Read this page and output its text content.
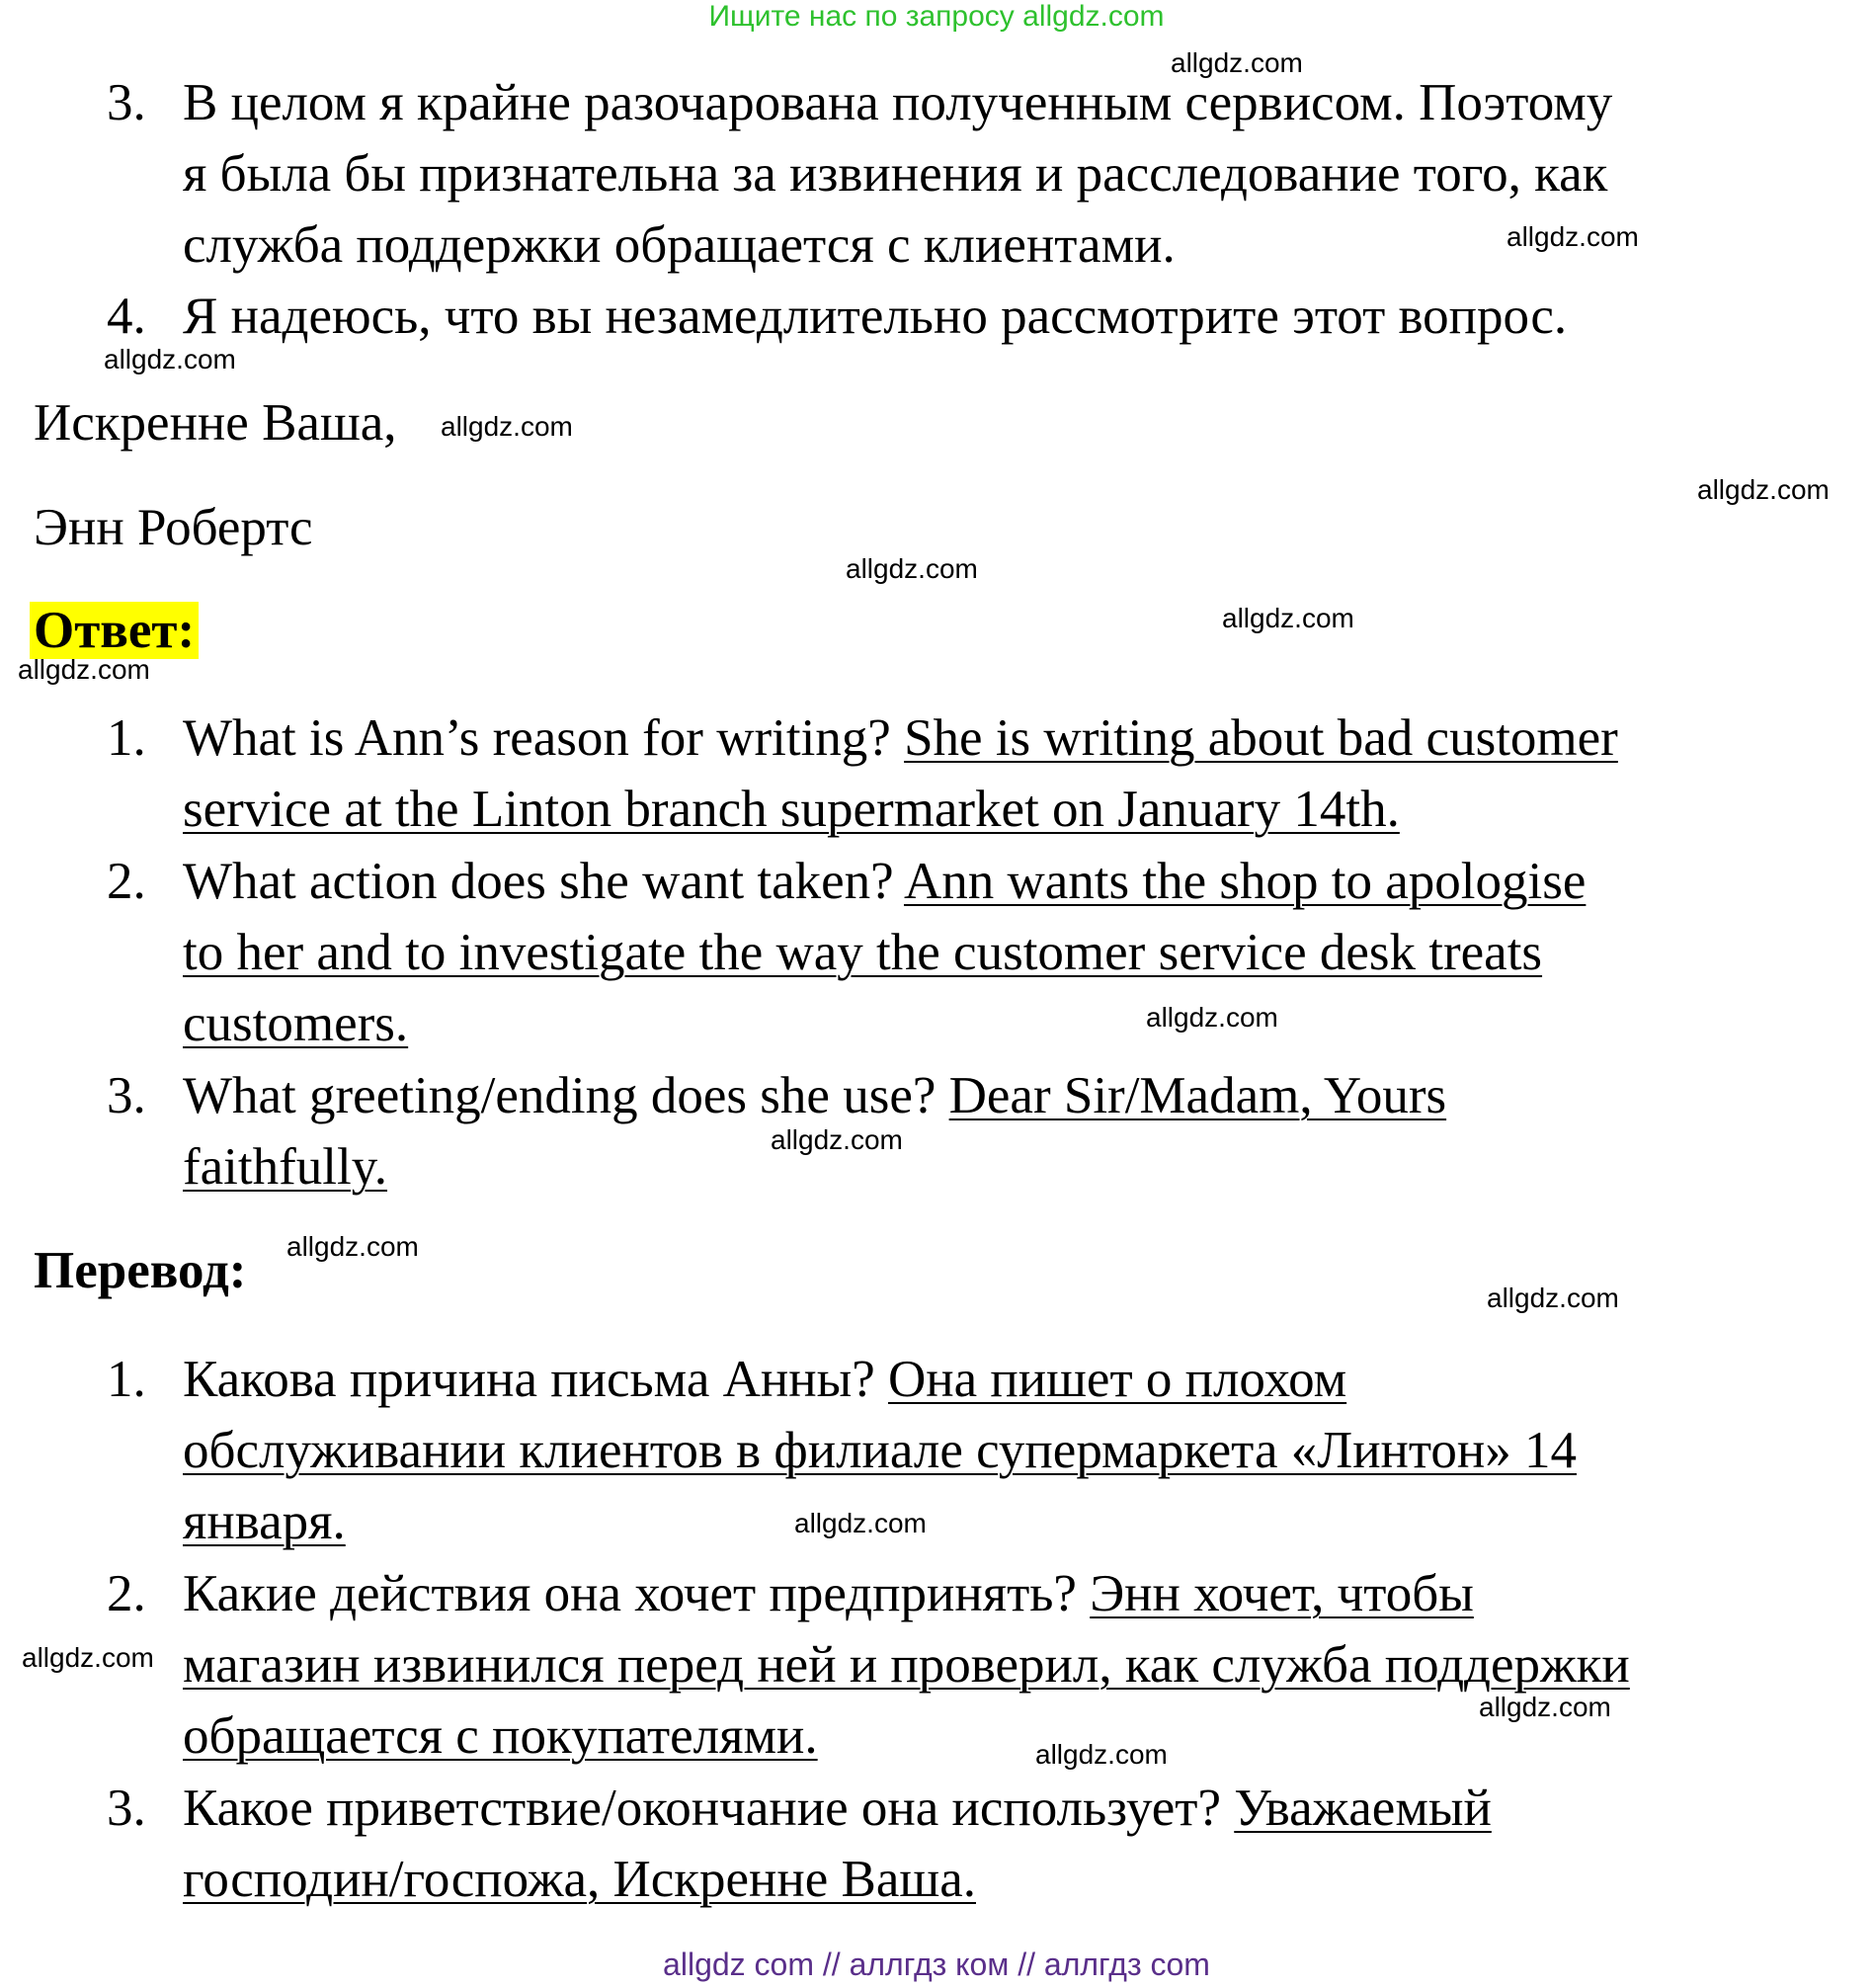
Ищите нас по запросу allgdz.com
3. В целом я крайне разочарована полученным сервисом. Поэтому
я была бы признательна за извинения и расследование того, как
служба поддержки обращается с клиентами.
4. Я надеюсь, что вы незамедлительно рассмотрите этот вопрос.
Искренне Ваша,
Энн Робертс
Ответ:
1. What is Ann’s reason for writing? She is writing about bad customer
service at the Linton branch supermarket on January 14th.
2. What action does she want taken? Ann wants the shop to apologise
to her and to investigate the way the customer service desk treats
customers.
3. What greeting/ending does she use? Dear Sir/Madam, Yours
faithfully.
Перевод:
1. Какова причина письма Анны? Она пишет о плохом
обслуживании клиентов в филиале супермаркета «Линтон» 14
января.
2. Какие действия она хочет предпринять? Энн хочет, чтобы
магазин извинился перед ней и проверил, как служба поддержки
обращается с покупателями.
3. Какое приветствие/окончание она использует? Уважаемый
господин/госпожа, Искренне Ваша.
allgdz.com
allgdz.com
allgdz.com
allgdz.com
allgdz.com
allgdz.com
allgdz.com
allgdz.com
allgdz.com
allgdz.com
allgdz.com
allgdz.com
allgdz.com
allgdz.com
allgdz.com
allgdz.com
allgdz com // аллгдз ком // аллгдз com
